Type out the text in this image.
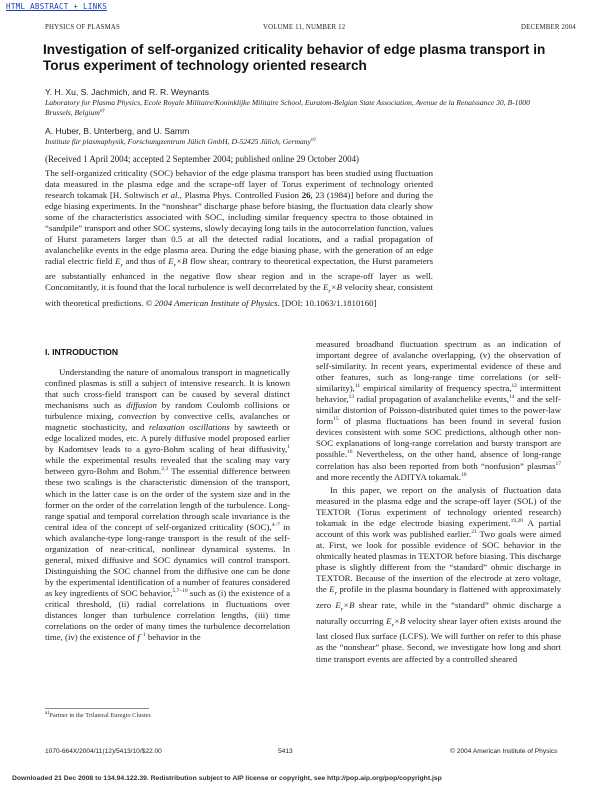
HTML ABSTRACT + LINKS
PHYSICS OF PLASMAS	VOLUME 11, NUMBER 12	DECEMBER 2004
Investigation of self-organized criticality behavior of edge plasma transport in Torus experiment of technology oriented research
Y. H. Xu, S. Jachmich, and R. R. Weynants
Laboratory for Plasma Physics, Ecole Royale Militaire/Koninklijke Militaire School, Euratom-Belgian State Association, Avenue de la Renaissance 30, B-1000 Brussels, Belgium$^{a)}$
A. Huber, B. Unterberg, and U. Samm
Institute für plasmaphysik, Forschungzentrum Jülich GmbH, D-52425 Jülich, Germany$^{a)}$
(Received 1 April 2004; accepted 2 September 2004; published online 29 October 2004)
The self-organized criticality (SOC) behavior of the edge plasma transport has been studied using fluctuation data measured in the plasma edge and the scrape-off layer of Torus experiment of technology oriented research tokamak [H. Soltwisch et al., Plasma Phys. Controlled Fusion 26, 23 (1984)] before and during the edge biasing experiments. In the “nonshear” discharge phase before biasing, the fluctuation data clearly show some of the characteristics associated with SOC, including similar frequency spectra to those obtained in “sandpile” transport and other SOC systems, slowly decaying long tails in the autocorrelation function, values of Hurst parameters larger than 0.5 at all the detected radial locations, and a radial propagation of avalanchelike events in the edge plasma area. During the edge biasing phase, with the generation of an edge radial electric field $E_r$ and thus of $E_r\times B$ flow shear, contrary to theoretical expectation, the Hurst parameters are substantially enhanced in the negative flow shear region and in the scrape-off layer as well. Concomitantly, it is found that the local turbulence is well decorrelated by the $E_r\times B$ velocity shear, consistent with theoretical predictions. © 2004 American Institute of Physics. [DOI: 10.1063/1.1810160]
I. INTRODUCTION

Understanding the nature of anomalous transport in magnetically confined plasmas is still a subject of intensive research. It is known that such cross-field transport can be caused by several distinct mechanisms such as diffusion by random Coulomb collisions or turbulence mixing, convection by convective cells, avalanches or magnetic stochasticity, and relaxation oscillations by sawteeth or edge localized modes, etc. A purely diffusive model proposed earlier by Kadomtsev leads to a gyro-Bohm scaling of heat diffusivity,$^1$ while the experimental results revealed that the scaling may vary between gyro-Bohm and Bohm.$^{2,3}$ The essential difference between these two scalings is the characteristic dimension of the transport, which in the latter case is on the order of the system size and in the former on the order of the correlation length of the turbulence. Long-range spatial and temporal correlation through scale invariance is the central idea of the concept of self-organized criticality (SOC),$^{4-7}$ in which avalanche-type long-range transport is the result of the self-organization of near-critical, nonlinear dynamical systems. In general, mixed diffusive and SOC dynamics will control transport. Distinguishing the SOC channel from the diffusive one can be done by the experimental identification of a number of features considered as key ingredients of SOC behavior,$^{5,7-10}$ such as (i) the existence of a critical threshold, (ii) radial correlations in fluctuations over distances longer than turbulence correlation lengths, (iii) time correlations on the order of many times the turbulence decorrelation time, (iv) the existence of $f^{-1}$ behavior in the

measured broadband fluctuation spectrum as an indication of important degree of avalanche overlapping, (v) the observation of self-similarity. In recent years, experimental evidence of these and other features, such as long-range time correlations (or self-similarity),$^{11}$ empirical similarity of frequency spectra,$^{12}$ intermittent behavior,$^{13}$ radial propagation of avalanchelike events,$^{14}$ and the self-similar distortion of Poisson-distributed quiet times to the power-law form$^{15}$ of plasma fluctuations has been found in several fusion devices consistent with some SOC predictions, although other non-SOC explanations of long-range correlation and bursty transport are possible.$^{16}$ Nevertheless, on the other hand, absence of long-range correlation has also been reported from both “nonfusion” plasmas$^{17}$ and more recently the ADITYA tokamak.$^{18}$

In this paper, we report on the analysis of fluctuation data measured in the plasma edge and the scrape-off layer (SOL) of the TEXTOR (Torus experiment of technology oriented research) tokamak in the edge electrode biasing experiment.$^{19,20}$ A partial account of this work was published earlier.$^{21}$ Two goals were aimed at. First, we look for possible evidence of SOC behavior in the ohmically heated plasmas in TEXTOR before biasing. This discharge phase is slightly different from the “standard” ohmic discharge in TEXTOR. Because of the insertion of the electrode at zero voltage, the $E_r$ profile in the plasma boundary is flattened with approximately zero $E_r\times B$ shear rate, while in the “standard” ohmic discharge a naturally occurring $E_r\times B$ velocity shear layer often exists around the last closed flux surface (LCFS). We will further on refer to this phase as the “nonshear” phase. Second, we investigate how long and short time transport events are affected by a controlled sheared

$^{a)}$Partner in the Trilateral Euregio Cluster.
1070-664X/2004/11(12)/5413/10/$22.00	5413	© 2004 American Institute of Physics
Downloaded 21 Dec 2008 to 134.94.122.39. Redistribution subject to AIP license or copyright, see http://pop.aip.org/pop/copyright.jsp
